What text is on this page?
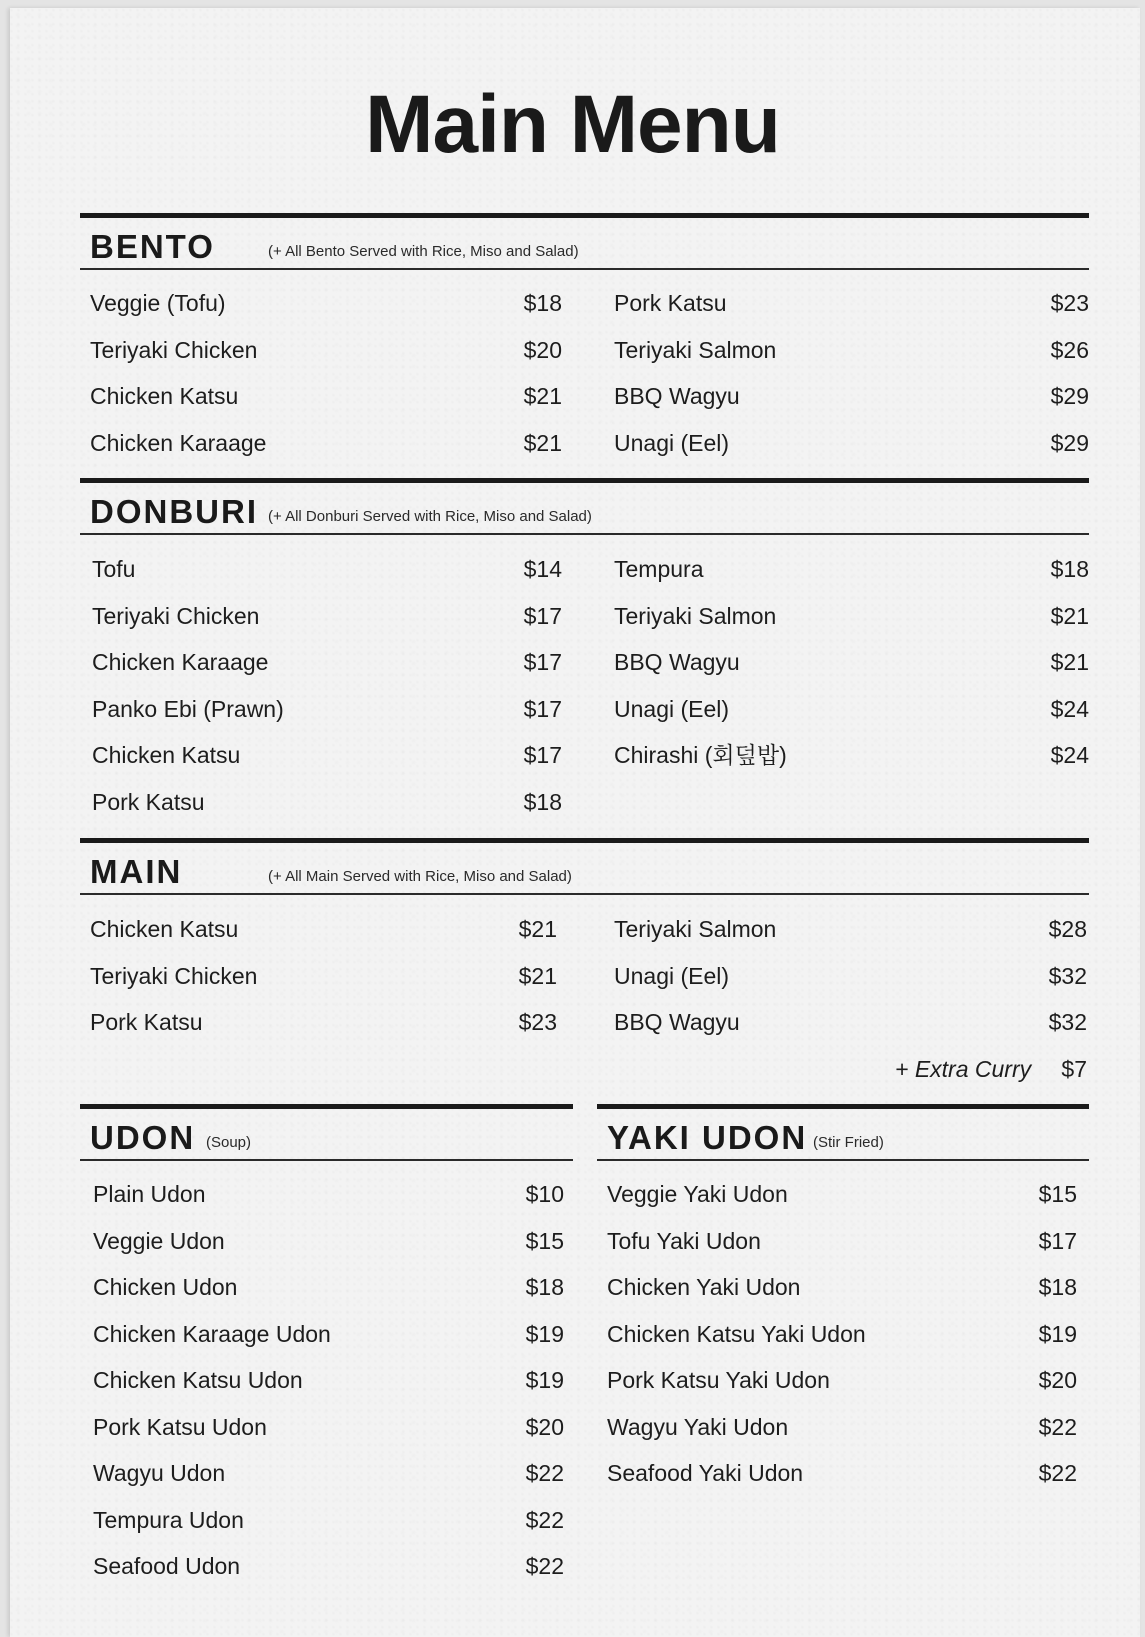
Main Menu
BENTO	(+ All Bento Served with Rice, Miso and Salad)
Veggie (Tofu)	$18
Teriyaki Chicken	$20
Chicken Katsu	$21
Chicken Karaage	$21
Pork Katsu	$23
Teriyaki Salmon	$26
BBQ Wagyu	$29
Unagi (Eel)	$29
DONBURI (+ All Donburi Served with Rice, Miso and Salad)
Tofu	$14
Teriyaki Chicken	$17
Chicken Karaage	$17
Panko Ebi (Prawn)	$17
Chicken Katsu	$17
Pork Katsu	$18
Tempura	$18
Teriyaki Salmon	$21
BBQ Wagyu	$21
Unagi (Eel)	$24
Chirashi (회덮밥)	$24
MAIN	(+ All Main Served with Rice, Miso and Salad)
Chicken Katsu	$21
Teriyaki Chicken	$21
Pork Katsu	$23
Teriyaki Salmon	$28
Unagi (Eel)	$32
BBQ Wagyu	$32
+ Extra Curry $7
UDON (Soup)
Plain Udon	$10
Veggie Udon	$15
Chicken Udon	$18
Chicken Karaage Udon	$19
Chicken Katsu Udon	$19
Pork Katsu Udon	$20
Wagyu Udon	$22
Tempura Udon	$22
Seafood Udon	$22
YAKI UDON (Stir Fried)
Veggie Yaki Udon	$15
Tofu Yaki Udon	$17
Chicken Yaki Udon	$18
Chicken Katsu Yaki Udon	$19
Pork Katsu Yaki Udon	$20
Wagyu Yaki Udon	$22
Seafood Yaki Udon	$22
